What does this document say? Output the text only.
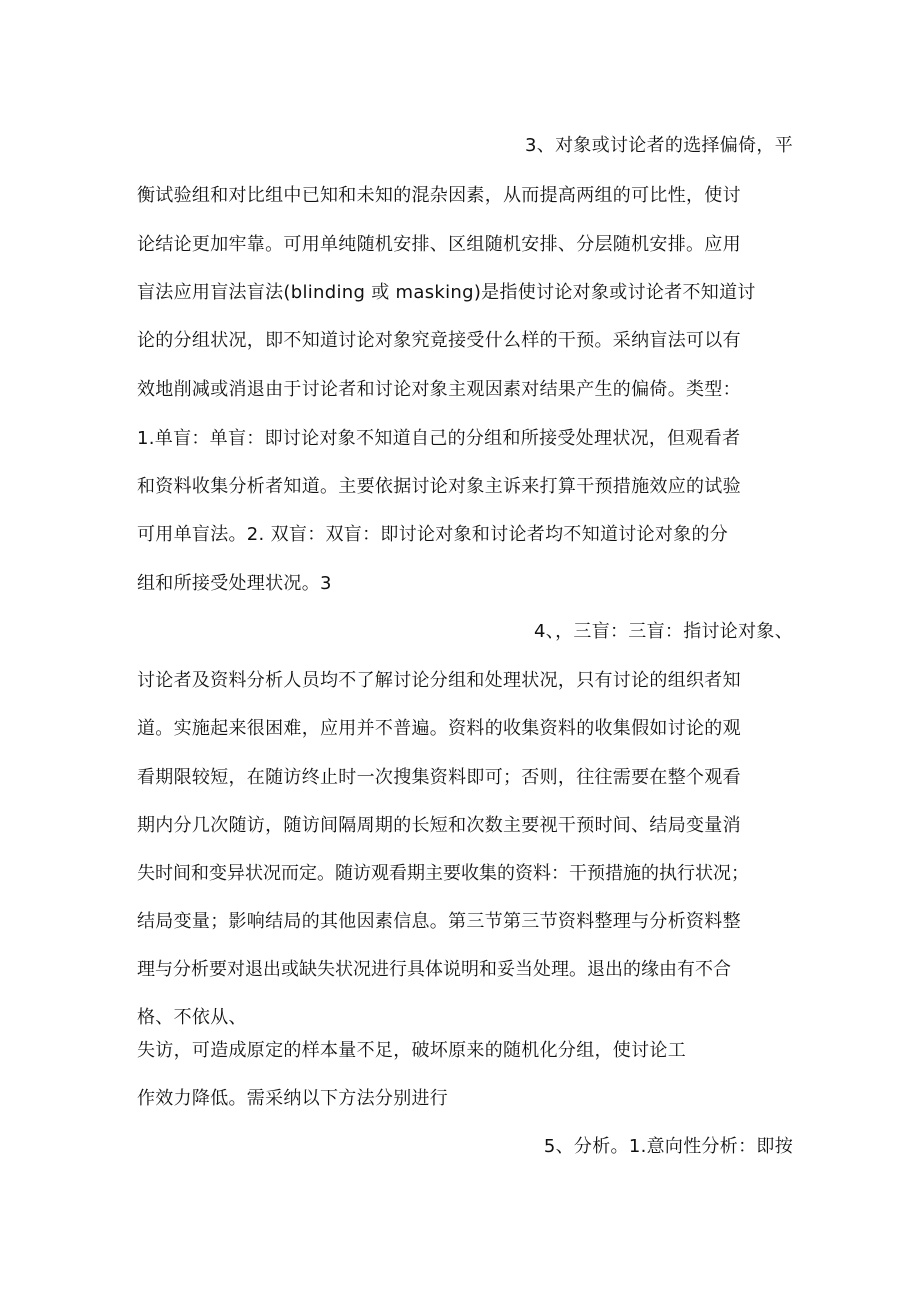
3、对象或讨论者的选择偏倚，平
衡试验组和对比组中已知和未知的混杂因素，从而提高两组的可比性，使讨
论结论更加牢靠。可用单纯随机安排、区组随机安排、分层随机安排。应用
盲法应用盲法盲法(blinding 或 masking)是指使讨论对象或讨论者不知道讨
论的分组状况，即不知道讨论对象究竟接受什么样的干预。采纳盲法可以有
效地削减或消退由于讨论者和讨论对象主观因素对结果产生的偏倚。类型：
1.单盲：单盲：即讨论对象不知道自己的分组和所接受处理状况，但观看者
和资料收集分析者知道。主要依据讨论对象主诉来打算干预措施效应的试验
可用单盲法。2. 双盲：双盲：即讨论对象和讨论者均不知道讨论对象的分
组和所接受处理状况。3
4、，三盲：三盲：指讨论对象、
讨论者及资料分析人员均不了解讨论分组和处理状况，只有讨论的组织者知
道。实施起来很困难，应用并不普遍。资料的收集资料的收集假如讨论的观
看期限较短，在随访终止时一次搜集资料即可；否则，往往需要在整个观看
期内分几次随访，随访间隔周期的长短和次数主要视干预时间、结局变量消
失时间和变异状况而定。随访观看期主要收集的资料：干预措施的执行状况；
结局变量；影响结局的其他因素信息。第三节第三节资料整理与分析资料整
理与分析要对退出或缺失状况进行具体说明和妥当处理。退出的缘由有不合
格、不依从、
失访，可造成原定的样本量不足，破坏原来的随机化分组，使讨论工
作效力降低。需采纳以下方法分别进行
5、分析。1.意向性分析：即按
